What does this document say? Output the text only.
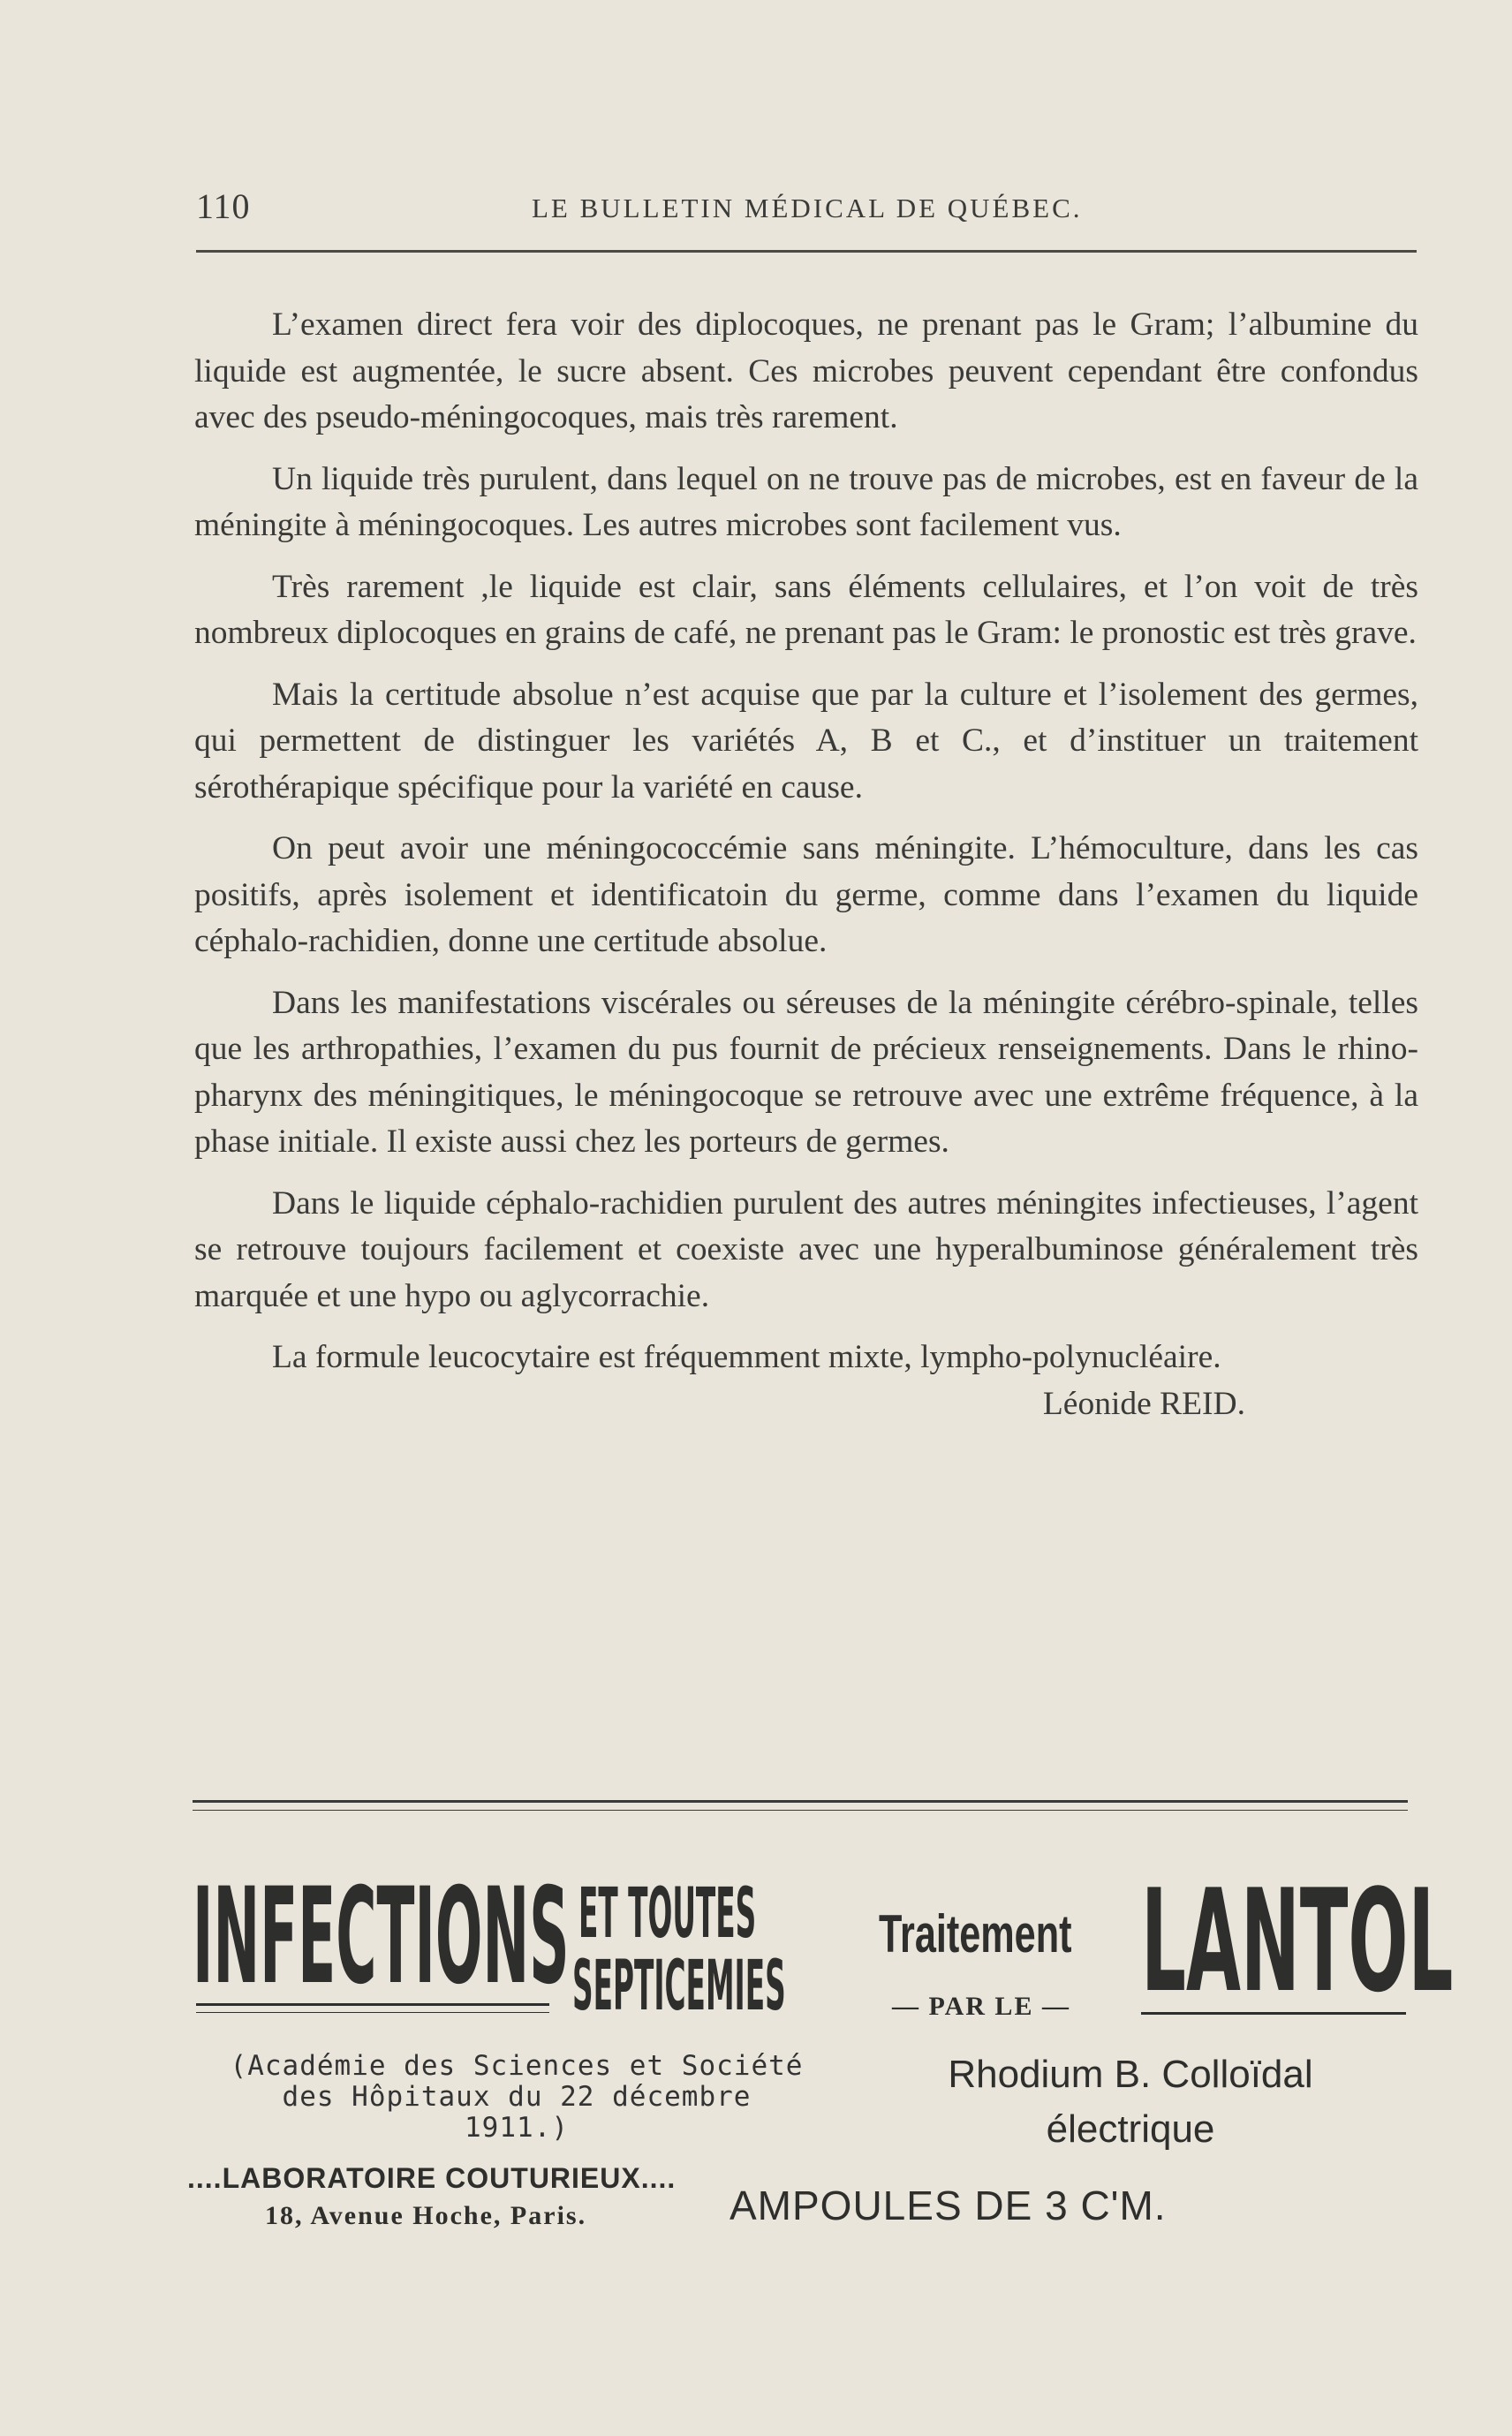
110	LE BULLETIN MÉDICAL DE QUÉBEC.

L’examen direct fera voir des diplocoques, ne prenant pas le Gram; l’albumine du liquide est augmentée, le sucre absent. Ces microbes peuvent cependant être confondus avec des pseudo-méningocoques, mais très rarement.

Un liquide très purulent, dans lequel on ne trouve pas de microbes, est en faveur de la méningite à méningocoques. Les autres microbes sont facilement vus.

Très rarement ,le liquide est clair, sans éléments cellulaires, et l’on voit de très nombreux diplocoques en grains de café, ne prenant pas le Gram: le pronostic est très grave.

Mais la certitude absolue n’est acquise que par la culture et l’isolement des germes, qui permettent de distinguer les variétés A, B et C., et d’instituer un traitement sérothérapique spécifique pour la variété en cause.

On peut avoir une méningococcémie sans méningite. L’hémoculture, dans les cas positifs, après isolement et identificatoin du germe, comme dans l’examen du liquide céphalo-rachidien, donne une certitude absolue.

Dans les manifestations viscérales ou séreuses de la méningite cérébro-spinale, telles que les arthropathies, l’examen du pus fournit de précieux renseignements. Dans le rhino-pharynx des méningitiques, le méningocoque se retrouve avec une extrême fréquence, à la phase initiale. Il existe aussi chez les porteurs de germes.

Dans le liquide céphalo-rachidien purulent des autres méningites infectieuses, l’agent se retrouve toujours facilement et coexiste avec une hyperalbuminose généralement très marquée et une hypo ou aglycorrachie.

La formule leucocytaire est fréquemment mixte, lympho-polynucléaire.

Léonide REID.
INFECTIONS ET TOUTES
SEPTICEMIES
Traitement
— PAR LE — LANTOL
(Académie des Sciences et Société
des Hôpitaux du 22 décembre
1911.)
....LABORATOIRE COUTURIEUX....
18, Avenue Hoche, Paris.
Rhodium B. Colloïdal
électrique
AMPOULES DE 3 C'M.
